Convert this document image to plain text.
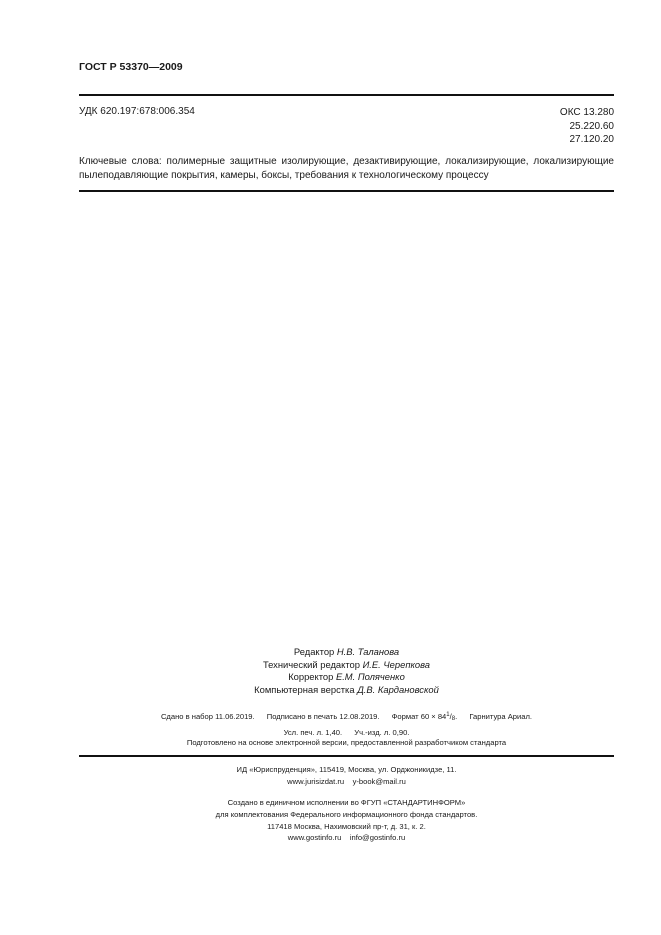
ГОСТ Р 53370—2009
УДК 620.197:678:006.354	ОКС 13.280
25.220.60
27.120.20
Ключевые слова: полимерные защитные изолирующие, дезактивирующие, локализирующие, локализирующие пылеподавляющие покрытия, камеры, боксы, требования к технологическому процессу
Редактор Н.В. Таланова
Технический редактор И.Е. Черепкова
Корректор Е.М. Поляченко
Компьютерная верстка Д.В. Кардановской
Сдано в набор 11.06.2019. Подписано в печать 12.08.2019. Формат $60 \times 84^1/_8$. Гарнитура Ариал.
Усл. печ. л. 1,40. Уч.-изд. л. 0,90.
Подготовлено на основе электронной версии, предоставленной разработчиком стандарта
ИД «Юриспруденция», 115419, Москва, ул. Орджоникидзе, 11.
www.jurisizdat.ru y-book@mail.ru
Создано в единичном исполнении во ФГУП «СТАНДАРТИНФОРМ»
для комплектования Федерального информационного фонда стандартов.
117418 Москва, Нахимовский пр-т, д. 31, к. 2.
www.gostinfo.ru info@gostinfo.ru
